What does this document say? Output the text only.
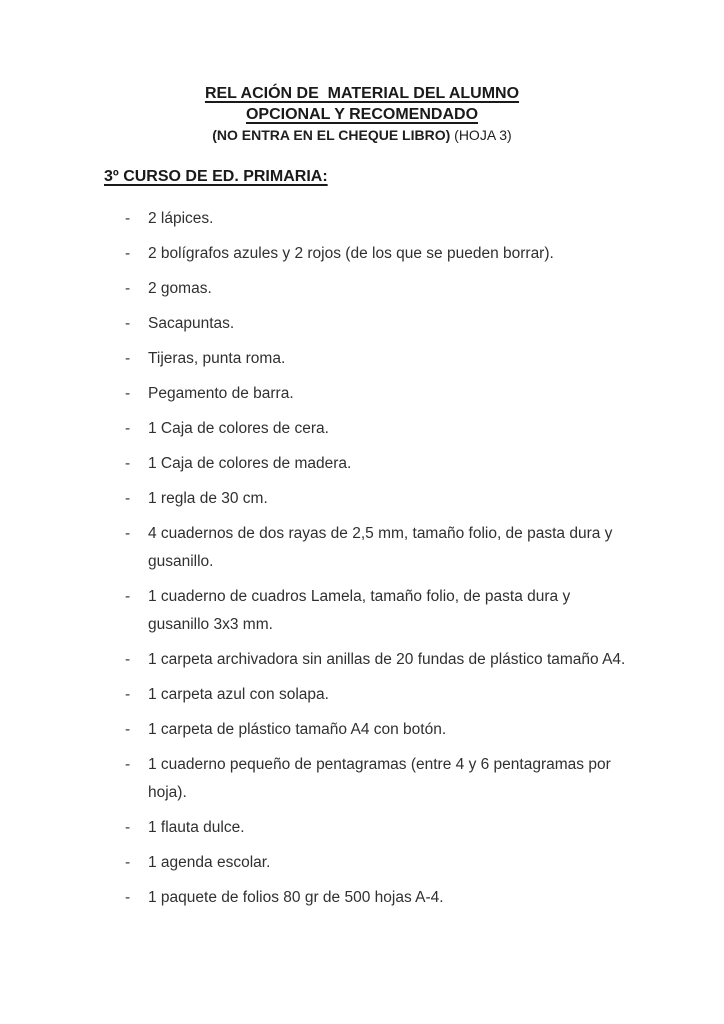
REL ACIÓN DE  MATERIAL DEL ALUMNO
OPCIONAL Y RECOMENDADO
(NO ENTRA EN EL CHEQUE LIBRO) (HOJA 3)
3º CURSO DE ED. PRIMARIA:
- 2 lápices.
- 2 bolígrafos azules y 2 rojos (de los que se pueden borrar).
- 2 gomas.
- Sacapuntas.
- Tijeras, punta roma.
- Pegamento de barra.
- 1 Caja de colores de cera.
- 1 Caja de colores de madera.
- 1 regla de 30 cm.
- 4 cuadernos de dos rayas de 2,5 mm, tamaño folio, de pasta dura y gusanillo.
- 1 cuaderno de cuadros Lamela, tamaño folio, de pasta dura y gusanillo 3x3 mm.
- 1 carpeta archivadora sin anillas de 20 fundas de plástico tamaño A4.
- 1 carpeta azul con solapa.
- 1 carpeta de plástico tamaño A4 con botón.
- 1 cuaderno pequeño de pentagramas (entre 4 y 6 pentagramas por hoja).
- 1 flauta dulce.
- 1 agenda escolar.
- 1 paquete de folios 80 gr de 500 hojas A-4.
